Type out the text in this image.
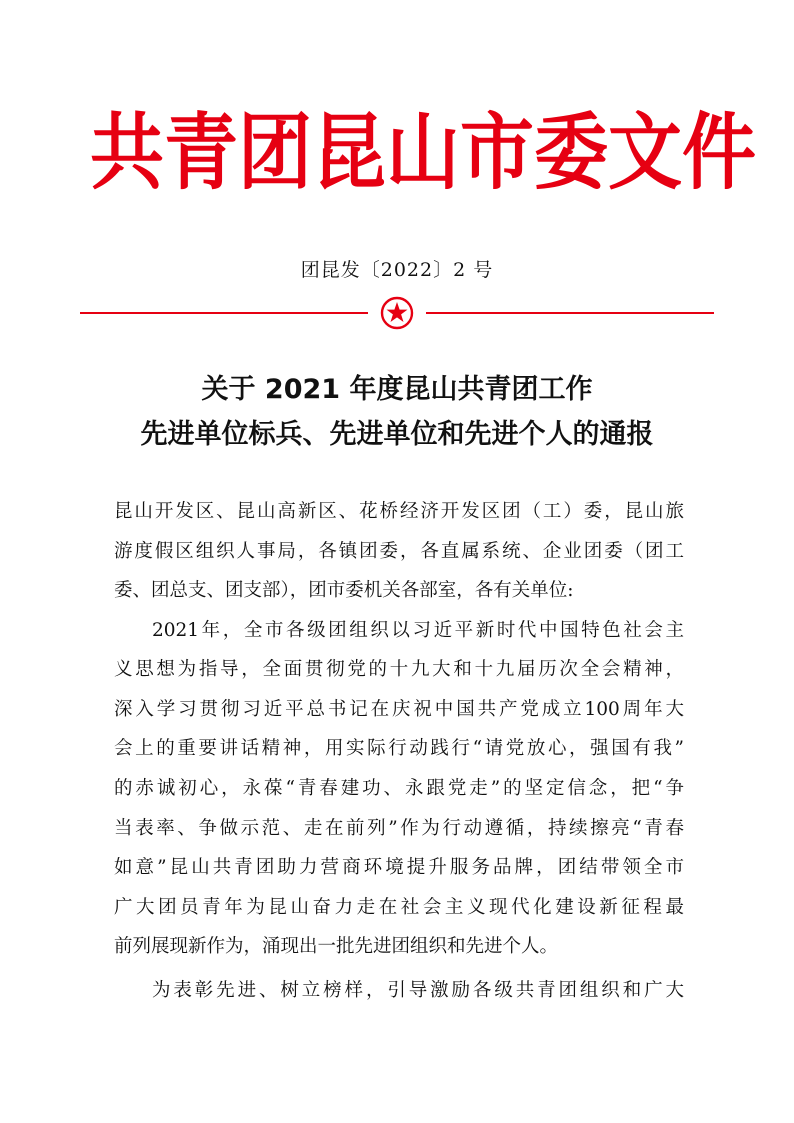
共 青 团 昆 山 市 委 文 件
团昆发〔2022〕2 号
关于 2021 年度昆山共青团工作
先进单位标兵、先进单位和先进个人的通报
昆山开发区、昆山高新区、花桥经济开发区团（工）委，昆山旅
游度假区组织人事局，各镇团委，各直属系统、企业团委（团工
委、团总支、团支部），团市委机关各部室，各有关单位:
2021年，全市各级团组织以习近平新时代中国特色社会主
义思想为指导，全面贯彻党的十九大和十九届历次全会精神，
深入学习贯彻习近平总书记在庆祝中国共产党成立100周年大
会上的重要讲话精神，用实际行动践行“请党放心，强国有我”
的赤诚初心，永葆“青春建功、永跟党走”的坚定信念，把“争
当表率、争做示范、走在前列”作为行动遵循，持续擦亮“青春
如意”昆山共青团助力营商环境提升服务品牌，团结带领全市
广大团员青年为昆山奋力走在社会主义现代化建设新征程最
前列展现新作为，涌现出一批先进团组织和先进个人。
为表彰先进、树立榜样，引导激励各级共青团组织和广大
